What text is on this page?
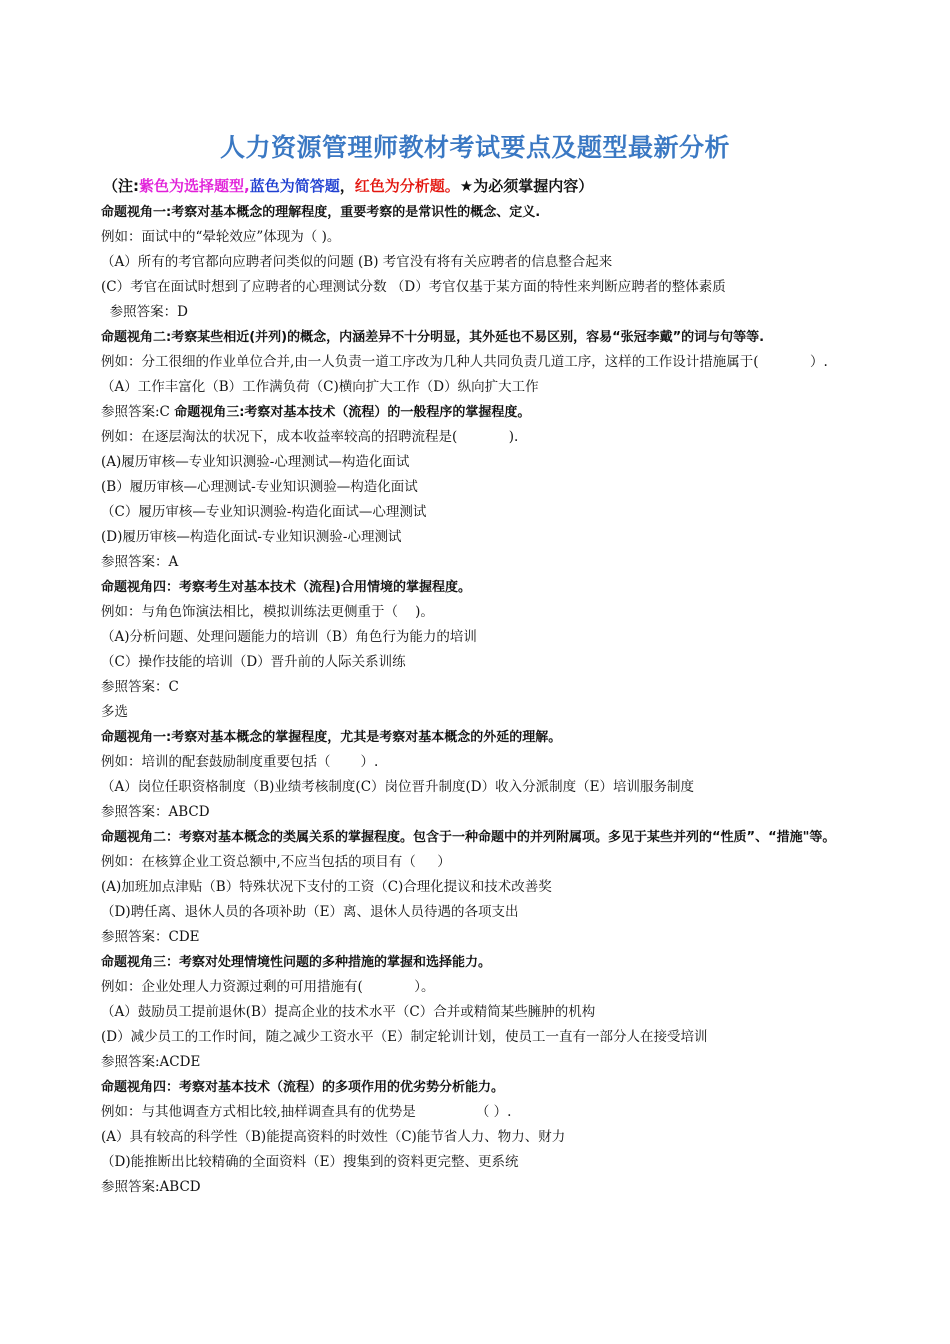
人力资源管理师教材考试要点及题型最新分析
（注:紫色为选择题型,蓝色为简答题，红色为分析题。★为必须掌握内容）
命题视角一:考察对基本概念的理解程度，重要考察的是常识性的概念、定义.
例如：面试中的“晕轮效应”体现为（ )。
（A）所有的考官都向应聘者问类似的问题 (B) 考官没有将有关应聘者的信息整合起来
(C）考官在面试时想到了应聘者的心理测试分数 （D）考官仅基于某方面的特性来判断应聘者的整体素质
参照答案：D
命题视角二:考察某些相近(并列)的概念，内涵差异不十分明显，其外延也不易区别，容易“张冠李戴”的词与句等等.
例如：分工很细的作业单位合并,由一人负责一道工序改为几种人共同负责几道工序，这样的工作设计措施属于(            ）.
（A）工作丰富化（B）工作满负荷（C)横向扩大工作（D）纵向扩大工作
参照答案:C 命题视角三:考察对基本技术（流程）的一般程序的掌握程度。
例如：在逐层淘汰的状况下，成本收益率较高的招聘流程是(            ).
(A)履历审核—专业知识测验-心理测试—构造化面试
(B）履历审核—心理测试-专业知识测验—构造化面试
（C）履历审核—专业知识测验-构造化面试—心理测试
(D)履历审核—构造化面试-专业知识测验-心理测试
参照答案：A
命题视角四：考察考生对基本技术（流程)合用情境的掌握程度。
例如：与角色饰演法相比，模拟训练法更侧重于（    )。
（A)分析问题、处理问题能力的培训（B）角色行为能力的培训
（C）操作技能的培训（D）晋升前的人际关系训练
参照答案：C
多选
命题视角一:考察对基本概念的掌握程度，尤其是考察对基本概念的外延的理解。
例如：培训的配套鼓励制度重要包括（       ）.
（A）岗位任职资格制度（B)业绩考核制度(C）岗位晋升制度(D）收入分派制度（E）培训服务制度
参照答案：ABCD
命题视角二：考察对基本概念的类属关系的掌握程度。包含于一种命题中的并列附属项。多见于某些并列的“性质”、“措施"等。
例如：在核算企业工资总额中,不应当包括的项目有（     ）
(A)加班加点津贴（B）特殊状况下支付的工资（C)合理化提议和技术改善奖
（D)聘任离、退休人员的各项补助（E）离、退休人员待遇的各项支出
参照答案：CDE
命题视角三：考察对处理情境性问题的多种措施的掌握和选择能力。
例如：企业处理人力资源过剩的可用措施有(            ）。
（A）鼓励员工提前退休(B）提高企业的技术水平（C）合并或精简某些臃肿的机构
(D）减少员工的工作时间，随之减少工资水平（E）制定轮训计划，使员工一直有一部分人在接受培训
参照答案:ACDE
命题视角四：考察对基本技术（流程）的多项作用的优劣势分析能力。
例如：与其他调查方式相比较,抽样调查具有的优势是              （ ）.
(A）具有较高的科学性（B)能提高资料的时效性（C)能节省人力、物力、财力
（D)能推断出比较精确的全面资料（E）搜集到的资料更完整、更系统
参照答案:ABCD
